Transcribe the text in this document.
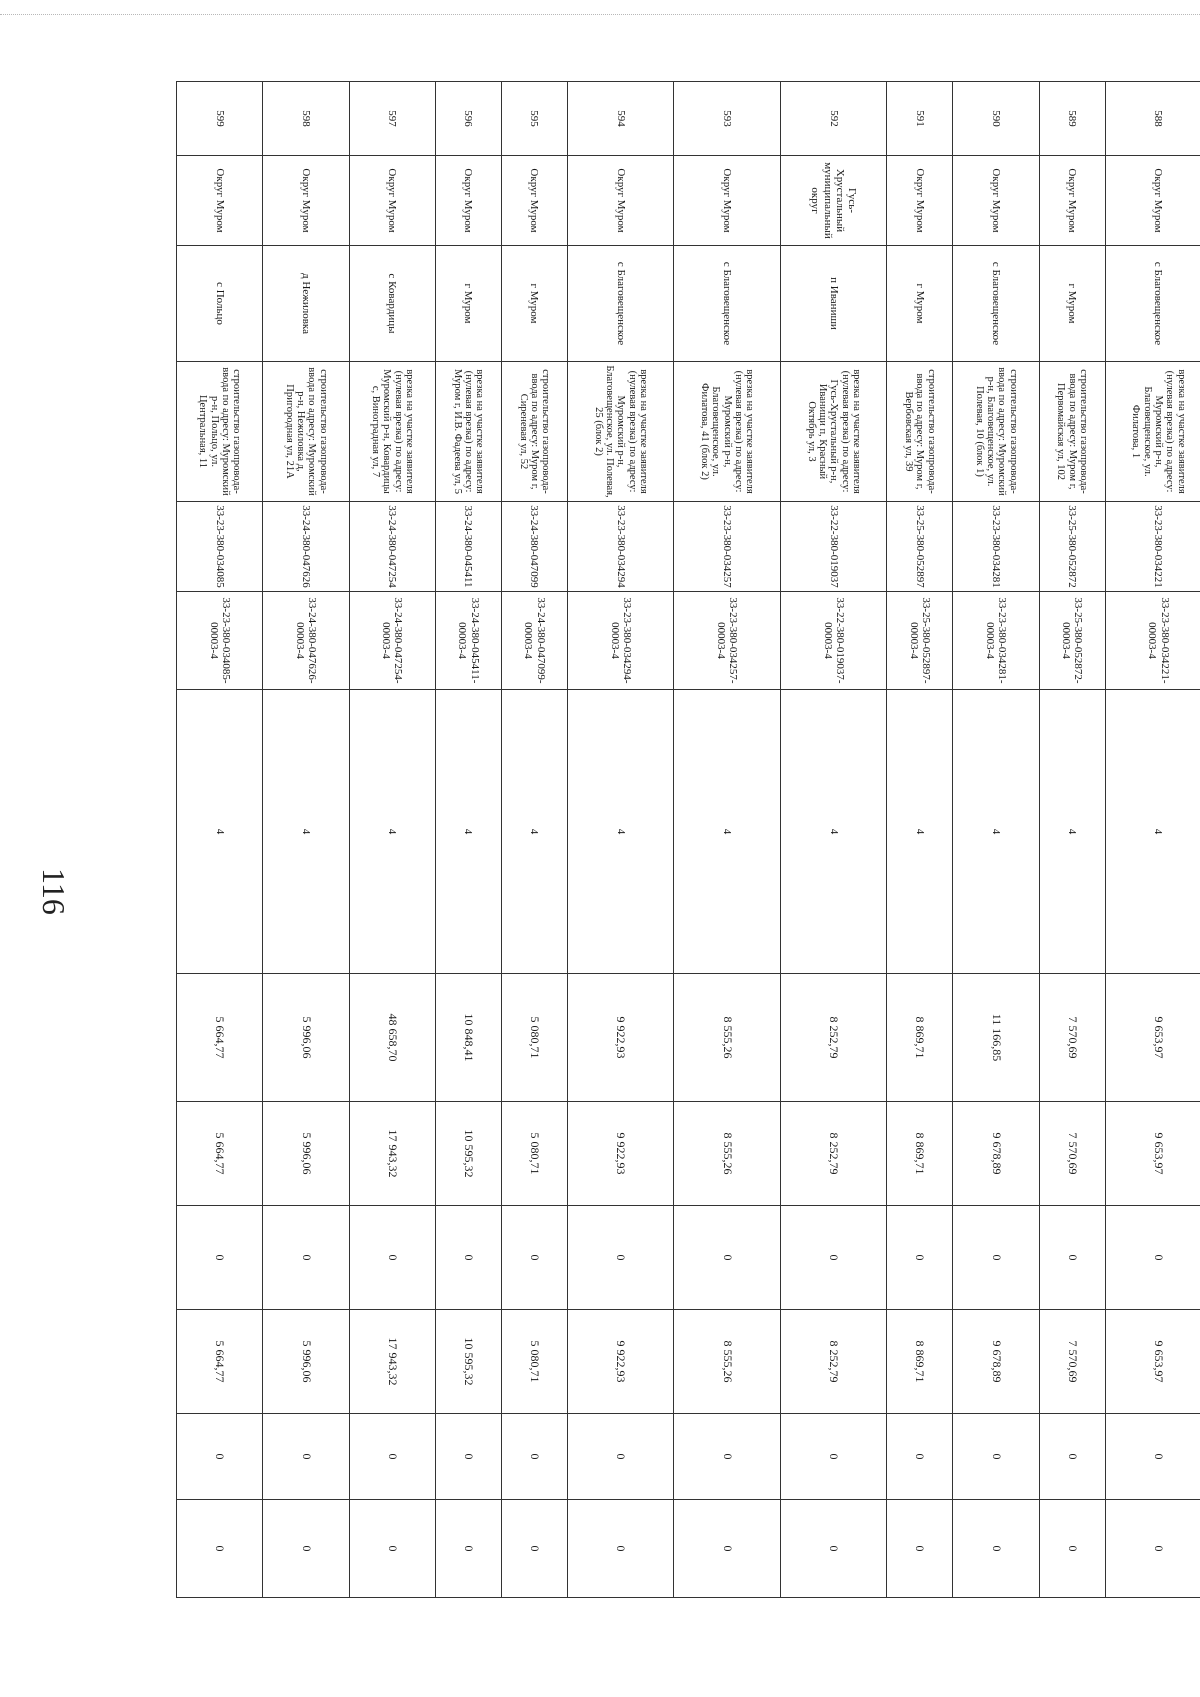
116
588	Округ Муром	с Благовещенское	врезка на участке заявителя (нулевая врезка) по адресу: Муромский р-н, Благовещенское, ул. Филатова, 1	33-23-380-034221	33-23-380-034221-00003-4	4	9 653,97	9 653,97	0	9 653,97	0	0
589	Округ Муром	г Муром	строительство газопровода-ввода по адресу: Муром г, Первомайская ул, 102	33-25-380-052872	33-25-380-052872-00003-4	4	7 570,69	7 570,69	0	7 570,69	0	0
590	Округ Муром	с Благовещенское	строительство газопровода-ввода по адресу: Муромский р-н, Благовещенское, ул. Полевая, 10 (блок 1)	33-23-380-034281	33-23-380-034281-00003-4	4	11 166,85	9 678,89	0	9 678,89	0	0
591	Округ Муром	г Муром	строительство газопровода-ввода по адресу: Муром г, Вербовская ул, 39	33-25-380-052897	33-25-380-052897-00003-4	4	8 869,71	8 869,71	0	8 869,71	0	0
592	Гусь-Хрустальный муниципальный округ	п Иваниши	врезка на участке заявителя (нулевая врезка) по адресу: Гусь-Хрустальный р-н, Иванищи п, Красный Октябрь ул, 3	33-22-380-019037	33-22-380-019037-00003-4	4	8 252,79	8 252,79	0	8 252,79	0	0
593	Округ Муром	с Благовещенское	врезка на участке заявителя (нулевая врезка) по адресу: Муромский р-н, Благовещенское, ул. Филатова, 41 (блок 2)	33-23-380-034257	33-23-380-034257-00003-4	4	8 555,26	8 555,26	0	8 555,26	0	0
594	Округ Муром	с Благовещенское	врезка на участке заявителя (нулевая врезка) по адресу: Муромский р-н, Благовещенское, ул. Полевая, 25 (блок 2)	33-23-380-034294	33-23-380-034294-00003-4	4	9 922,93	9 922,93	0	9 922,93	0	0
595	Округ Муром	г Муром	строительство газопровода-ввода по адресу: Муром г, Сиреневая ул, 52	33-24-380-047099	33-24-380-047099-00003-4	4	5 080,71	5 080,71	0	5 080,71	0	0
596	Округ Муром	г Муром	врезка на участке заявителя (нулевая врезка) по адресу: Муром г, И.В. Фадеева ул, 5	33-24-380-045411	33-24-380-045411-00003-4	4	10 848,41	10 595,32	0	10 595,32	0	0
597	Округ Муром	с Ковардицы	врезка на участке заявителя (нулевая врезка) по адресу: Муромский р-н, Ковардицы с, Виноградная ул, 7	33-24-380-047254	33-24-380-047254-00003-4	4	48 658,70	17 943,32	0	17 943,32	0	0
598	Округ Муром	д Нежиловка	строительство газопровода-ввода по адресу: Муромский р-н, Нежиловка д, Пригородная ул, 21А	33-24-380-047626	33-24-380-047626-00003-4	4	5 996,06	5 996,06	0	5 996,06	0	0
599	Округ Муром	с Польцо	строительство газопровода-ввода по адресу: Муромский р-н, Польцо, ул. Центральная, 11	33-23-380-034085	33-23-380-034085-00003-4	4	5 664,77	5 664,77	0	5 664,77	0	0
